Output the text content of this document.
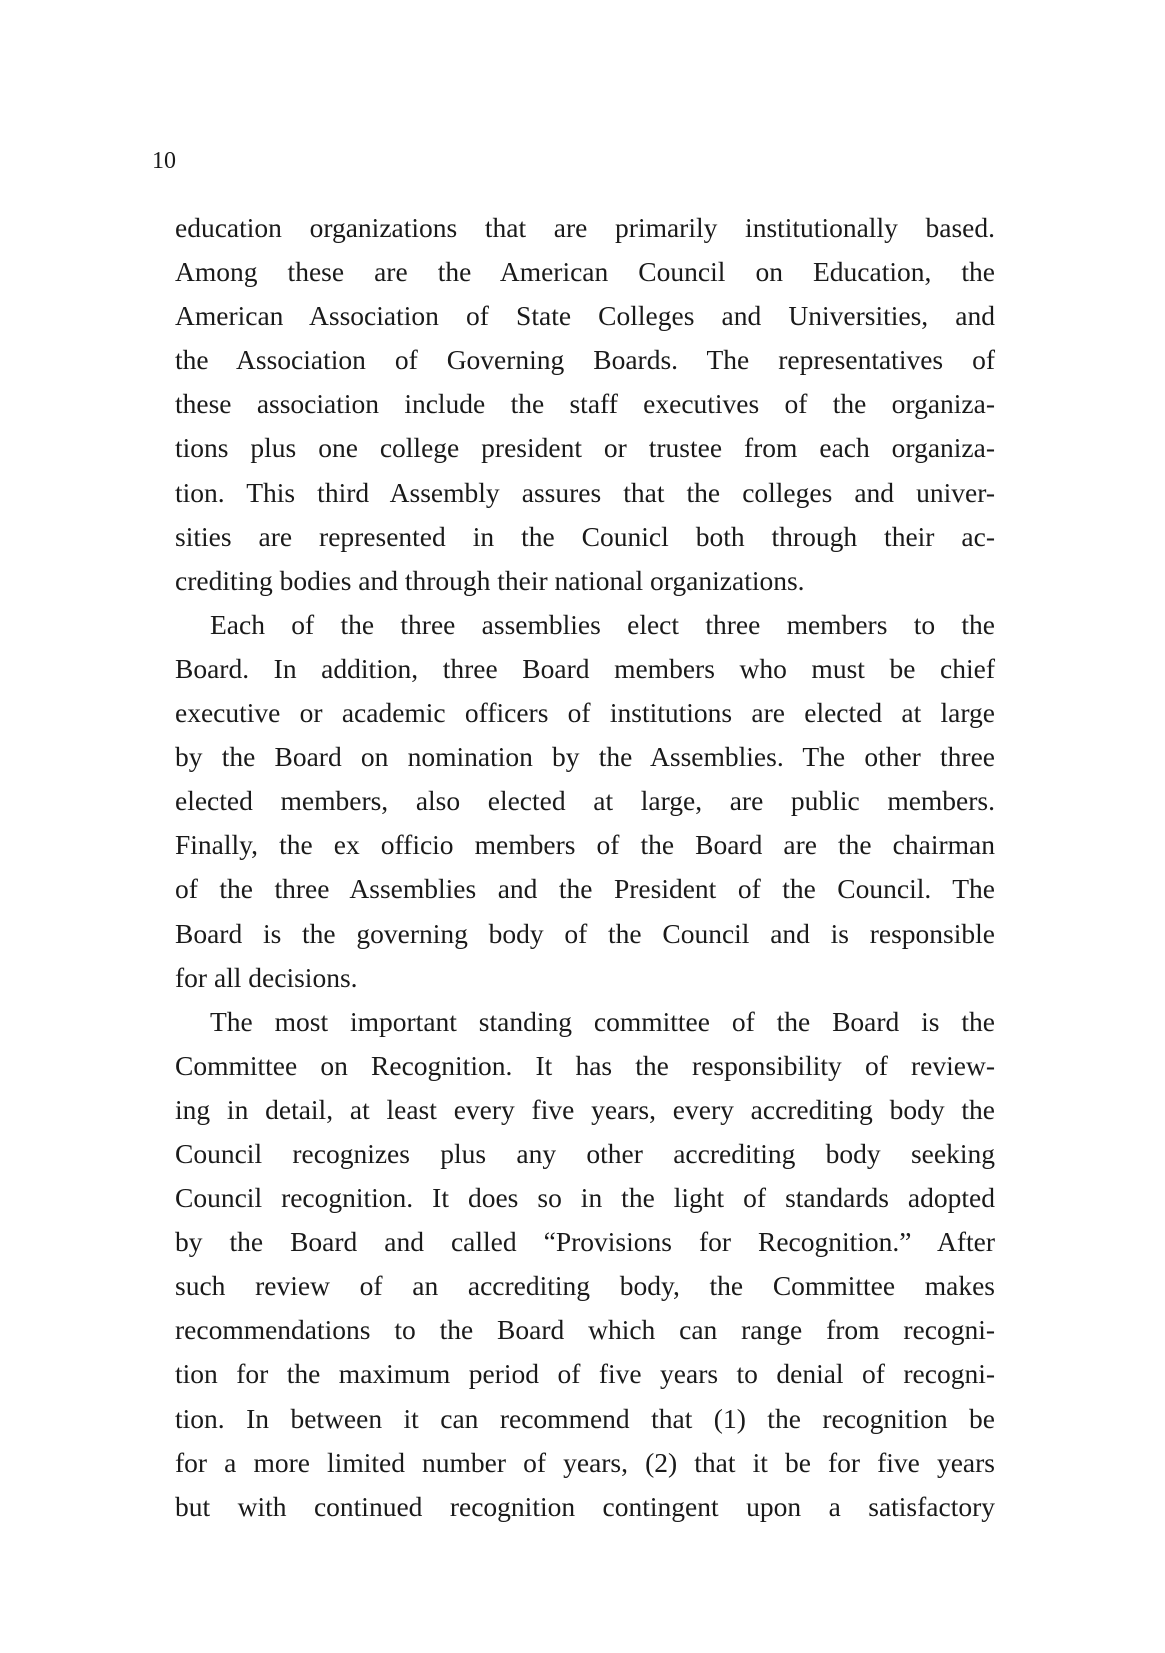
10
education organizations that are primarily institutionally based.
Among these are the American Council on Education, the
American Association of State Colleges and Universities, and
the Association of Governing Boards. The representatives of
these association include the staff executives of the organiza-
tions plus one college president or trustee from each organiza-
tion. This third Assembly assures that the colleges and univer-
sities are represented in the Counicl both through their ac-
crediting bodies and through their national organizations.
Each of the three assemblies elect three members to the
Board. In addition, three Board members who must be chief
executive or academic officers of institutions are elected at large
by the Board on nomination by the Assemblies. The other three
elected members, also elected at large, are public members.
Finally, the ex officio members of the Board are the chairman
of the three Assemblies and the President of the Council. The
Board is the governing body of the Council and is responsible
for all decisions.
The most important standing committee of the Board is the
Committee on Recognition. It has the responsibility of review-
ing in detail, at least every five years, every accrediting body the
Council recognizes plus any other accrediting body seeking
Council recognition. It does so in the light of standards adopted
by the Board and called “Provisions for Recognition.” After
such review of an accrediting body, the Committee makes
recommendations to the Board which can range from recogni-
tion for the maximum period of five years to denial of recogni-
tion. In between it can recommend that (1) the recognition be
for a more limited number of years, (2) that it be for five years
but with continued recognition contingent upon a satisfactory
